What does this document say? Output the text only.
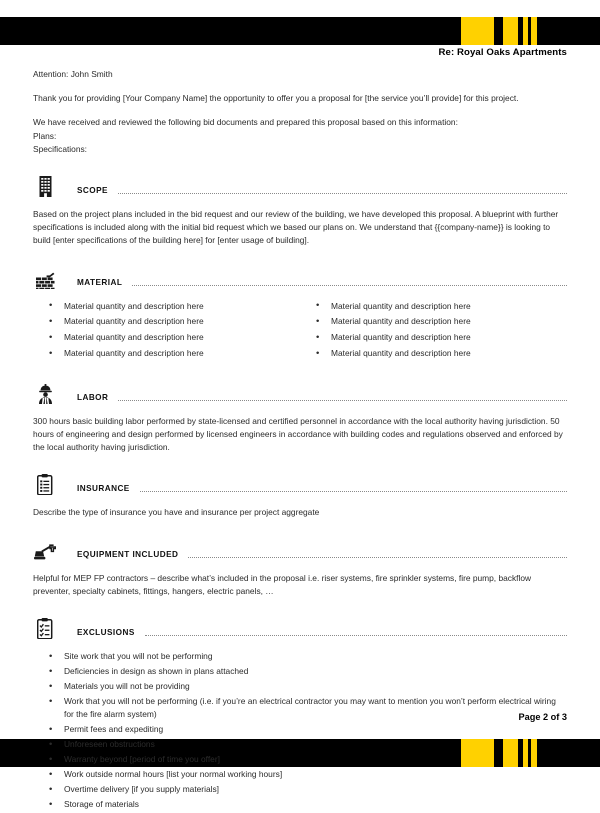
Page 2 of 3
Re: Royal Oaks Apartments

Attention: John Smith

Thank you for providing [Your Company Name] the opportunity to offer you a proposal for [the service you’ll provide] for this project.

We have received and reviewed the following bid documents and prepared this proposal based on this information:

Plans:

Specifications:

SCOPE

Based on the project plans included in the bid request and our review of the building, we have developed this proposal. A blueprint with further specifications is included along with the initial bid request which we based our plans on. We understand that {{company-name}} is looking to build [enter specifications of the building here] for [enter usage of building].

MATERIAL
• Material quantity and description here
• Material quantity and description here
• Material quantity and description here
• Material quantity and description here
• Material quantity and description here
• Material quantity and description here
• Material quantity and description here
• Material quantity and description here
LABOR

300 hours basic building labor performed by state-licensed and certified personnel in accordance with the local authority having jurisdiction. 50 hours of engineering and design performed by licensed engineers in accordance with building codes and regulations observed and enforced by the local authority having jurisdiction.

INSURANCE

Describe the type of insurance you have and insurance per project aggregate

EQUIPMENT INCLUDED

Helpful for MEP FP contractors – describe what’s included in the proposal i.e. riser systems, fire sprinkler systems, fire pump, backflow preventer, specialty cabinets, fittings, hangers, electric panels, …

EXCLUSIONS
• Site work that you will not be performing
• Deficiencies in design as shown in plans attached
• Materials you will not be providing
• Work that you will not be performing (i.e. if you’re an electrical contractor you may want to mention you won’t perform electrical wiring for the fire alarm system)
• Permit fees and expediting
• Unforeseen obstructions
• Warranty beyond [period of time you offer]
• Work outside normal hours [list your normal working hours]
• Overtime delivery [if you supply materials]
• Storage of materials
